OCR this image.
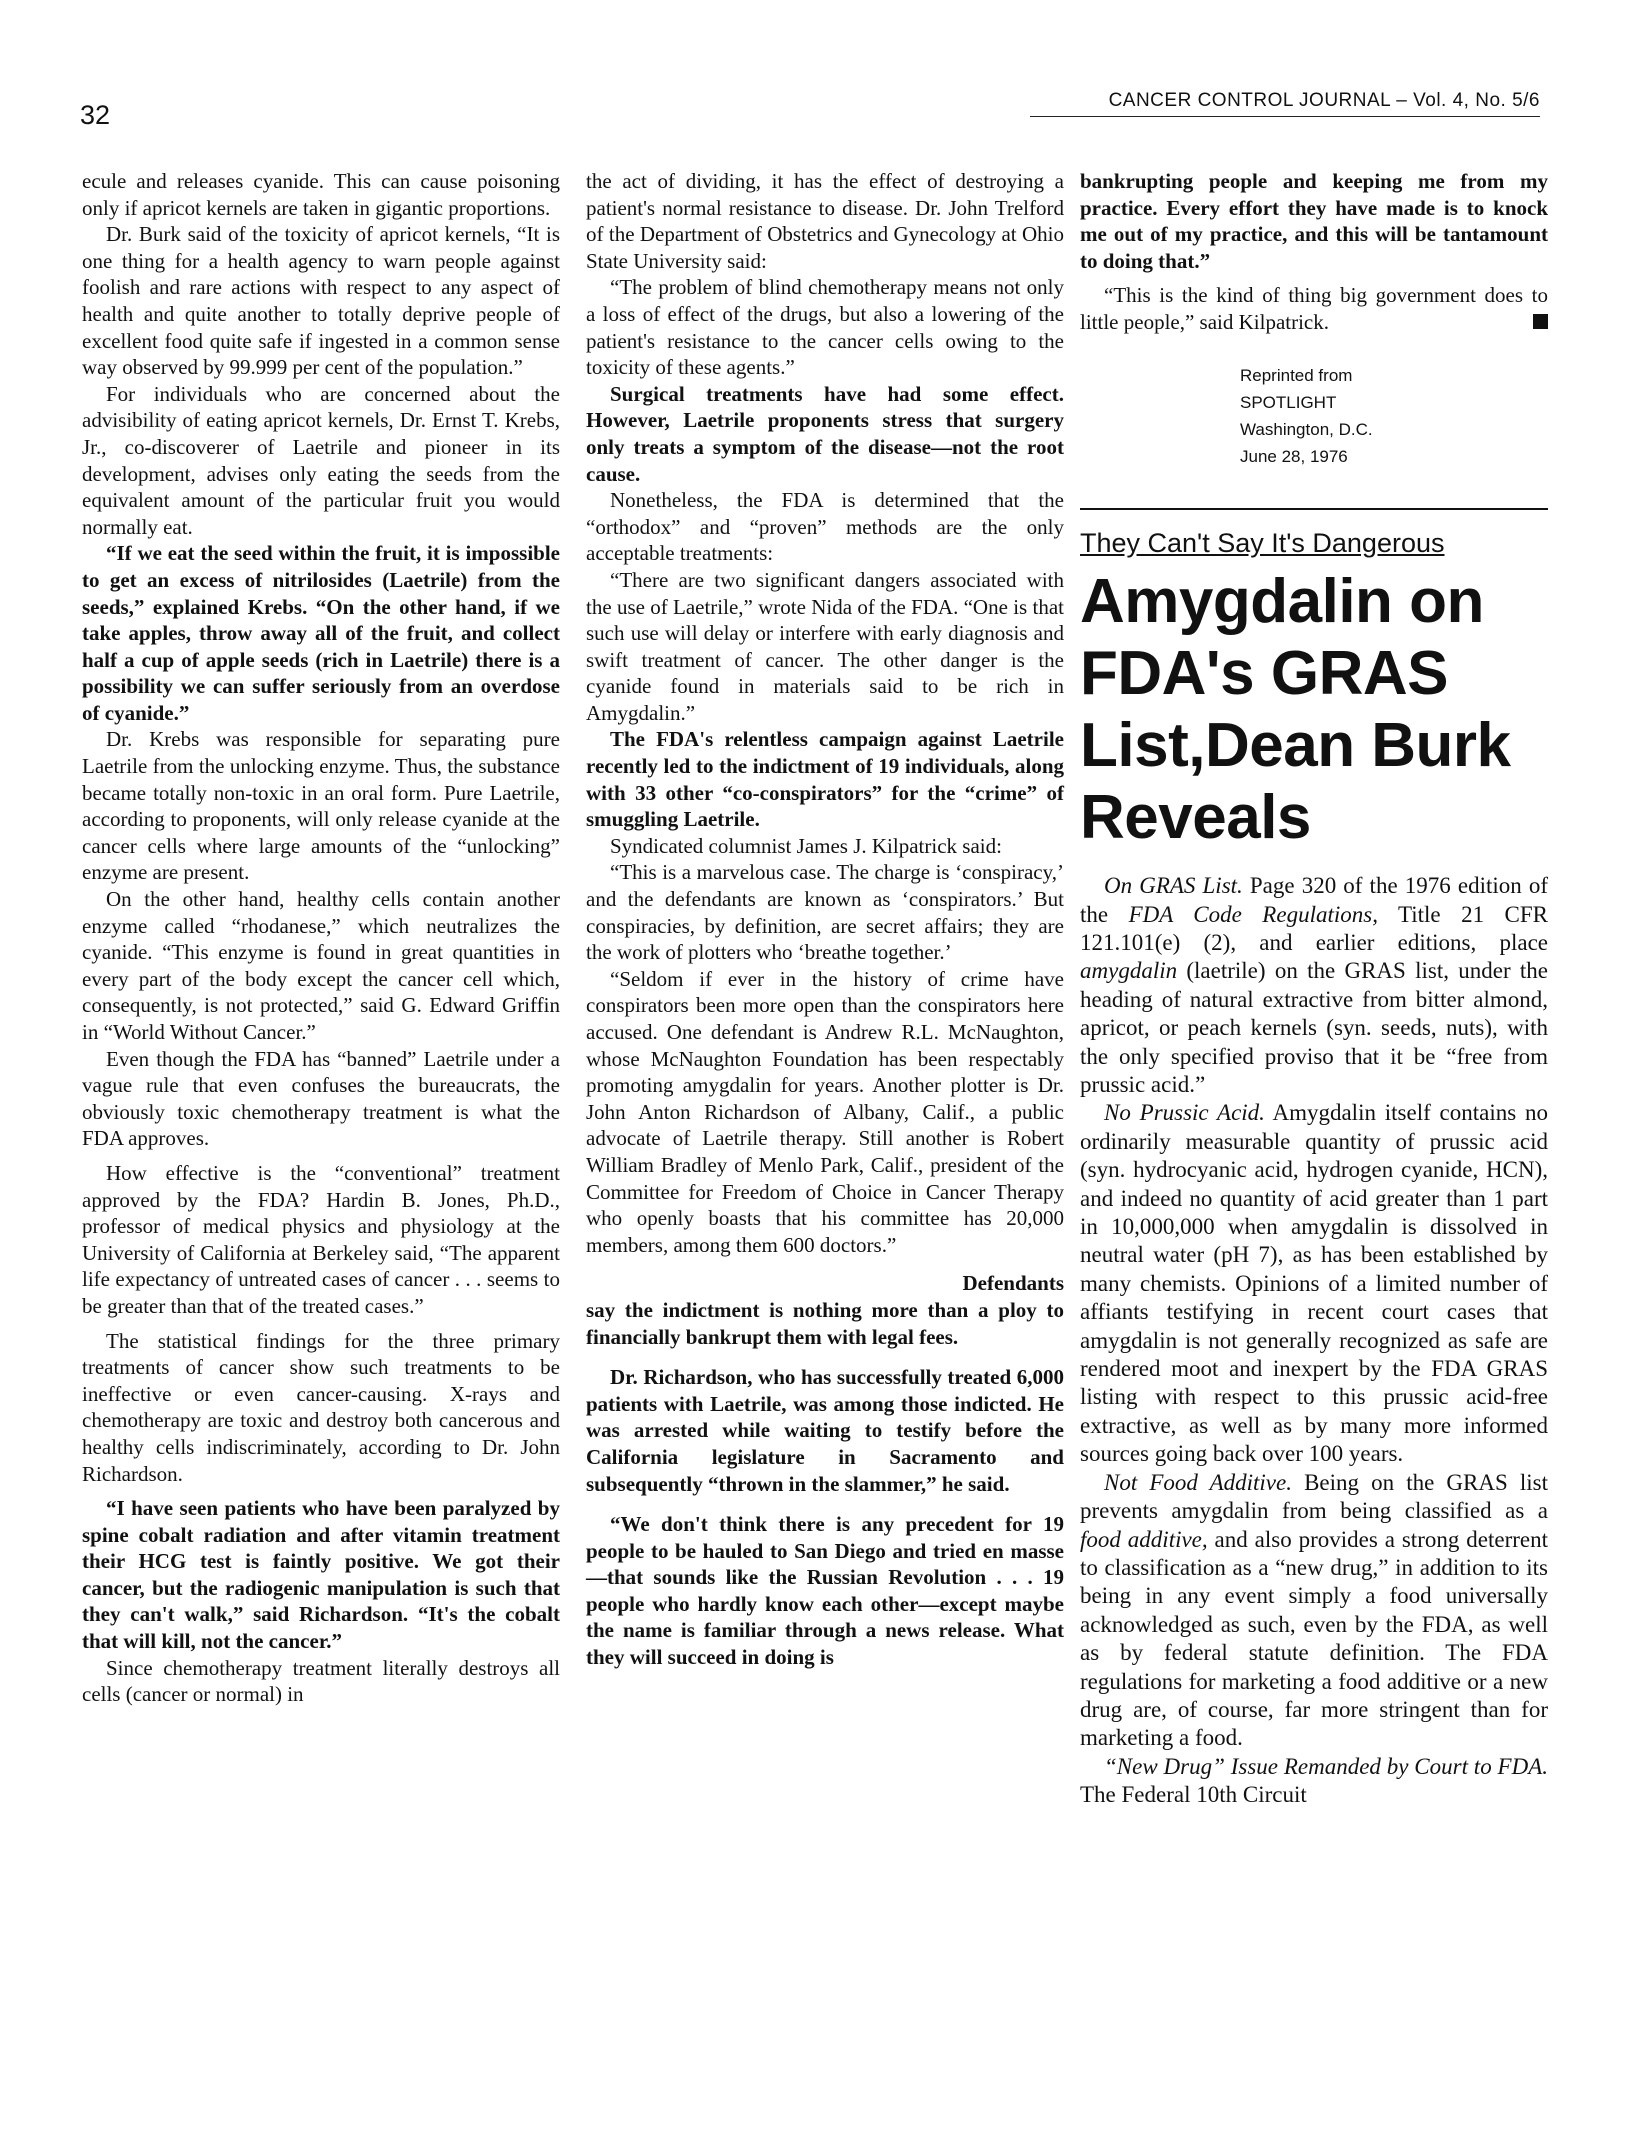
32	CANCER CONTROL JOURNAL – Vol. 4, No. 5/6

ecule and releases cyanide. This can cause poisoning only if apricot kernels are taken in gigantic proportions.

Dr. Burk said of the toxicity of apricot kernels, “It is one thing for a health agency to warn people against foolish and rare actions with respect to any aspect of health and quite another to totally deprive people of excellent food quite safe if ingested in a common sense way observed by 99.999 per cent of the population.”

For individuals who are concerned about the advisibility of eating apricot kernels, Dr. Ernst T. Krebs, Jr., co-discoverer of Laetrile and pioneer in its development, advises only eating the seeds from the equivalent amount of the particular fruit you would normally eat.

“If we eat the seed within the fruit, it is impossible to get an excess of nitrilosides (Laetrile) from the seeds,” explained Krebs. “On the other hand, if we take apples, throw away all of the fruit, and collect half a cup of apple seeds (rich in Laetrile) there is a possibility we can suffer seriously from an overdose of cyanide.”

Dr. Krebs was responsible for separating pure Laetrile from the unlocking enzyme. Thus, the substance became totally non-toxic in an oral form. Pure Laetrile, according to proponents, will only release cyanide at the cancer cells where large amounts of the “unlocking” enzyme are present.

On the other hand, healthy cells contain another enzyme called “rhodanese,” which neutralizes the cyanide. “This enzyme is found in great quantities in every part of the body except the cancer cell which, consequently, is not protected,” said G. Edward Griffin in “World Without Cancer.”

Even though the FDA has “banned” Laetrile under a vague rule that even confuses the bureaucrats, the obviously toxic chemotherapy treatment is what the FDA approves.

How effective is the “conventional” treatment approved by the FDA? Hardin B. Jones, Ph.D., professor of medical physics and physiology at the University of California at Berkeley said, “The apparent life expectancy of untreated cases of cancer . . . seems to be greater than that of the treated cases.”

The statistical findings for the three primary treatments of cancer show such treatments to be ineffective or even cancer-causing. X-rays and chemotherapy are toxic and destroy both cancerous and healthy cells indiscriminately, according to Dr. John Richardson.

“I have seen patients who have been paralyzed by spine cobalt radiation and after vitamin treatment their HCG test is faintly positive. We got their cancer, but the radiogenic manipulation is such that they can't walk,” said Richardson. “It's the cobalt that will kill, not the cancer.”

Since chemotherapy treatment literally destroys all cells (cancer or normal) in

the act of dividing, it has the effect of destroying a patient's normal resistance to disease. Dr. John Trelford of the Department of Obstetrics and Gynecology at Ohio State University said:

“The problem of blind chemotherapy means not only a loss of effect of the drugs, but also a lowering of the patient's resistance to the cancer cells owing to the toxicity of these agents.”

Surgical treatments have had some effect. However, Laetrile proponents stress that surgery only treats a symptom of the disease—not the root cause.

Nonetheless, the FDA is determined that the “orthodox” and “proven” methods are the only acceptable treatments:

“There are two significant dangers associated with the use of Laetrile,” wrote Nida of the FDA. “One is that such use will delay or interfere with early diagnosis and swift treatment of cancer. The other danger is the cyanide found in materials said to be rich in Amygdalin.”

The FDA's relentless campaign against Laetrile recently led to the indictment of 19 individuals, along with 33 other “co-conspirators” for the “crime” of smuggling Laetrile.

Syndicated columnist James J. Kilpatrick said:

“This is a marvelous case. The charge is ‘conspiracy,’ and the defendants are known as ‘conspirators.’ But conspiracies, by definition, are secret affairs; they are the work of plotters who ‘breathe together.’

“Seldom if ever in the history of crime have conspirators been more open than the conspirators here accused. One defendant is Andrew R.L. McNaughton, whose McNaughton Foundation has been respectably promoting amygdalin for years. Another plotter is Dr. John Anton Richardson of Albany, Calif., a public advocate of Laetrile therapy. Still another is Robert William Bradley of Menlo Park, Calif., president of the Committee for Freedom of Choice in Cancer Therapy who openly boasts that his committee has 20,000 members, among them 600 doctors.”

Defendants

say the indictment is nothing more than a ploy to financially bankrupt them with legal fees.

Dr. Richardson, who has successfully treated 6,000 patients with Laetrile, was among those indicted. He was arrested while waiting to testify before the California legislature in Sacramento and subsequently “thrown in the slammer,” he said.

“We don't think there is any precedent for 19 people to be hauled to San Diego and tried en masse—that sounds like the Russian Revolution . . . 19 people who hardly know each other—except maybe the name is familiar through a news release. What they will succeed in doing is

bankrupting people and keeping me from my practice. Every effort they have made is to knock me out of my practice, and this will be tantamount to doing that.”

“This is the kind of thing big government does to little people,” said Kilpatrick.

Reprinted from
SPOTLIGHT
Washington, D.C.
June 28, 1976
They Can't Say It's Dangerous
Amygdalin on
FDA's GRAS
List,Dean Burk
Reveals

On GRAS List. Page 320 of the 1976 edition of the FDA Code Regulations, Title 21 CFR 121.101(e) (2), and earlier editions, place amygdalin (laetrile) on the GRAS list, under the heading of natural extractive from bitter almond, apricot, or peach kernels (syn. seeds, nuts), with the only specified proviso that it be “free from prussic acid.”

No Prussic Acid. Amygdalin itself contains no ordinarily measurable quantity of prussic acid (syn. hydrocyanic acid, hydrogen cyanide, HCN), and indeed no quantity of acid greater than 1 part in 10,000,000 when amygdalin is dissolved in neutral water (pH 7), as has been established by many chemists. Opinions of a limited number of affiants testifying in recent court cases that amygdalin is not generally recognized as safe are rendered moot and inexpert by the FDA GRAS listing with respect to this prussic acid-free extractive, as well as by many more informed sources going back over 100 years.

Not Food Additive. Being on the GRAS list prevents amygdalin from being classified as a food additive, and also provides a strong deterrent to classification as a “new drug,” in addition to its being in any event simply a food universally acknowledged as such, even by the FDA, as well as by federal statute definition. The FDA regulations for marketing a food additive or a new drug are, of course, far more stringent than for marketing a food.

“New Drug” Issue Remanded by Court to FDA. The Federal 10th Circuit
